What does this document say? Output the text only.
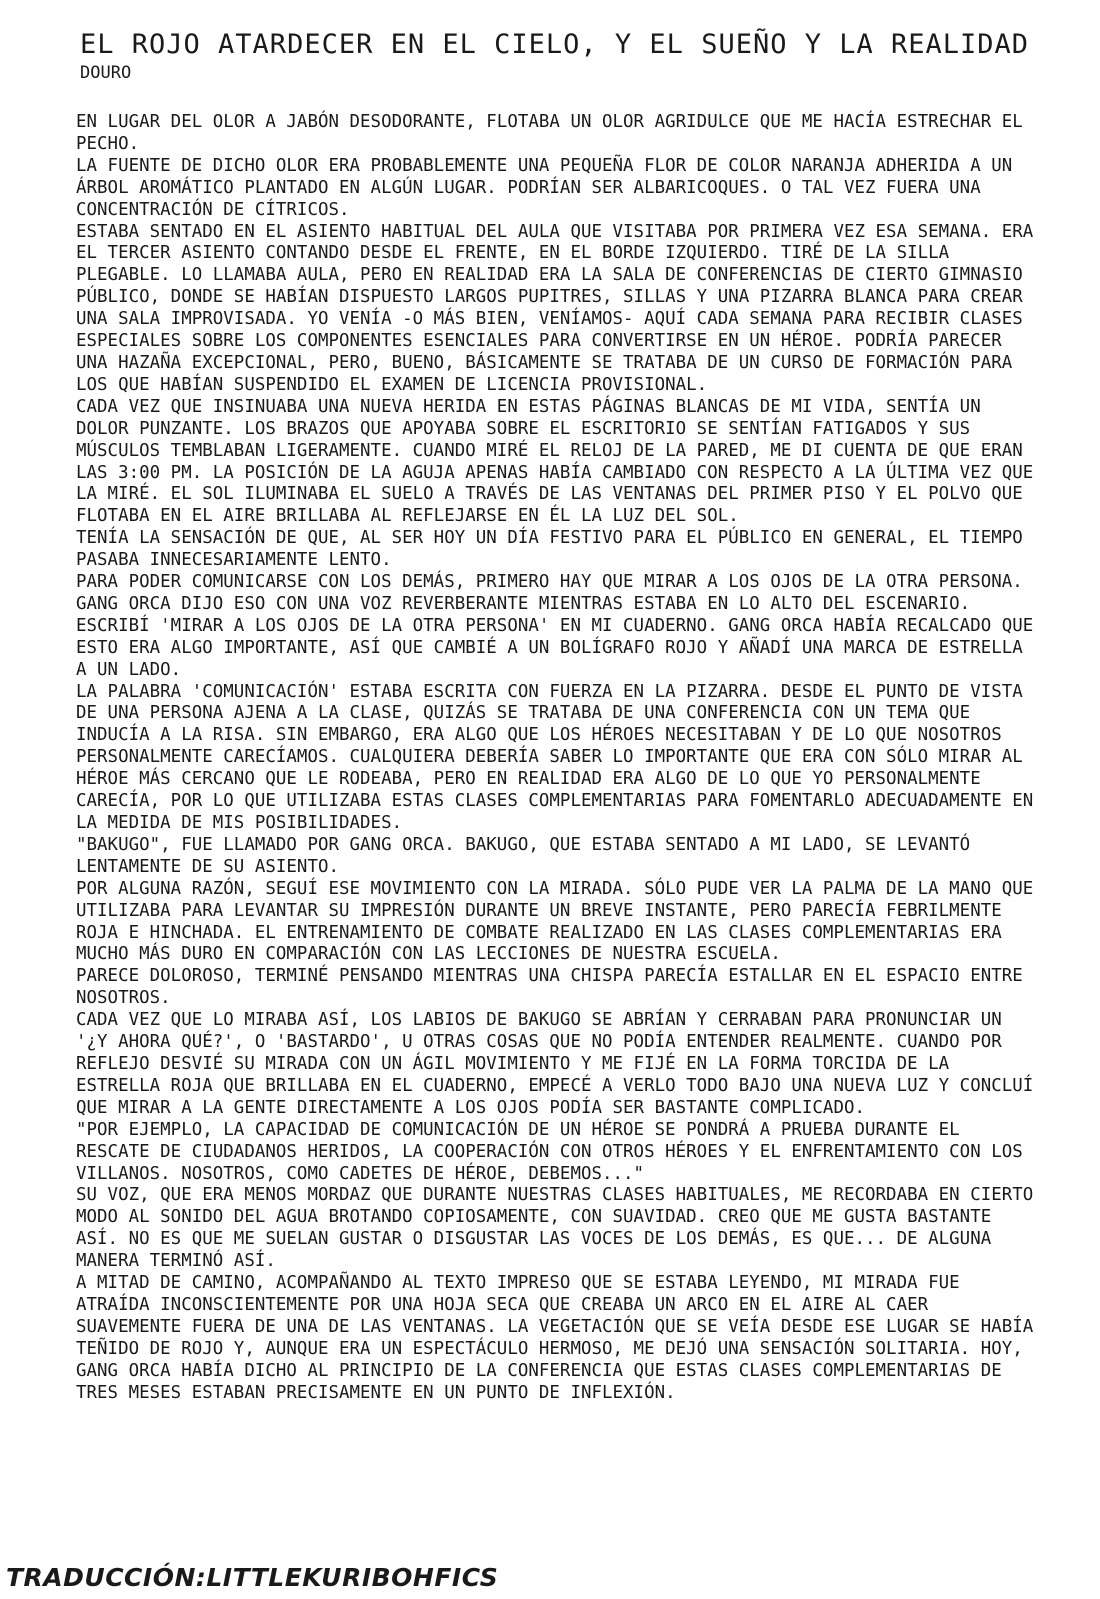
EL ROJO ATARDECER EN EL CIELO, Y EL SUEÑO Y LA REALIDAD
DOURO

EN LUGAR DEL OLOR A JABÓN DESODORANTE, FLOTABA UN OLOR AGRIDULCE QUE ME HACÍA ESTRECHAR EL PECHO.

LA FUENTE DE DICHO OLOR ERA PROBABLEMENTE UNA PEQUEÑA FLOR DE COLOR NARANJA ADHERIDA A UN ÁRBOL AROMÁTICO PLANTADO EN ALGÚN LUGAR. PODRÍAN SER ALBARICOQUES. O TAL VEZ FUERA UNA CONCENTRACIÓN DE CÍTRICOS.

ESTABA SENTADO EN EL ASIENTO HABITUAL DEL AULA QUE VISITABA POR PRIMERA VEZ ESA SEMANA. ERA EL TERCER ASIENTO CONTANDO DESDE EL FRENTE, EN EL BORDE IZQUIERDO. TIRÉ DE LA SILLA PLEGABLE. LO LLAMABA AULA, PERO EN REALIDAD ERA LA SALA DE CONFERENCIAS DE CIERTO GIMNASIO PÚBLICO, DONDE SE HABÍAN DISPUESTO LARGOS PUPITRES, SILLAS Y UNA PIZARRA BLANCA PARA CREAR UNA SALA IMPROVISADA. YO VENÍA -O MÁS BIEN, VENÍAMOS- AQUÍ CADA SEMANA PARA RECIBIR CLASES ESPECIALES SOBRE LOS COMPONENTES ESENCIALES PARA CONVERTIRSE EN UN HÉROE. PODRÍA PARECER UNA HAZAÑA EXCEPCIONAL, PERO, BUENO, BÁSICAMENTE SE TRATABA DE UN CURSO DE FORMACIÓN PARA LOS QUE HABÍAN SUSPENDIDO EL EXAMEN DE LICENCIA PROVISIONAL.

CADA VEZ QUE INSINUABA UNA NUEVA HERIDA EN ESTAS PÁGINAS BLANCAS DE MI VIDA, SENTÍA UN DOLOR PUNZANTE. LOS BRAZOS QUE APOYABA SOBRE EL ESCRITORIO SE SENTÍAN FATIGADOS Y SUS MÚSCULOS TEMBLABAN LIGERAMENTE. CUANDO MIRÉ EL RELOJ DE LA PARED, ME DI CUENTA DE QUE ERAN LAS 3:00 PM. LA POSICIÓN DE LA AGUJA APENAS HABÍA CAMBIADO CON RESPECTO A LA ÚLTIMA VEZ QUE LA MIRÉ. EL SOL ILUMINABA EL SUELO A TRAVÉS DE LAS VENTANAS DEL PRIMER PISO Y EL POLVO QUE FLOTABA EN EL AIRE BRILLABA AL REFLEJARSE EN ÉL LA LUZ DEL SOL.

TENÍA LA SENSACIÓN DE QUE, AL SER HOY UN DÍA FESTIVO PARA EL PÚBLICO EN GENERAL, EL TIEMPO PASABA INNECESARIAMENTE LENTO.

PARA PODER COMUNICARSE CON LOS DEMÁS, PRIMERO HAY QUE MIRAR A LOS OJOS DE LA OTRA PERSONA.

GANG ORCA DIJO ESO CON UNA VOZ REVERBERANTE MIENTRAS ESTABA EN LO ALTO DEL ESCENARIO. ESCRIBÍ 'MIRAR A LOS OJOS DE LA OTRA PERSONA' EN MI CUADERNO. GANG ORCA HABÍA RECALCADO QUE ESTO ERA ALGO IMPORTANTE, ASÍ QUE CAMBIÉ A UN BOLÍGRAFO ROJO Y AÑADÍ UNA MARCA DE ESTRELLA A UN LADO.

LA PALABRA 'COMUNICACIÓN' ESTABA ESCRITA CON FUERZA EN LA PIZARRA. DESDE EL PUNTO DE VISTA DE UNA PERSONA AJENA A LA CLASE, QUIZÁS SE TRATABA DE UNA CONFERENCIA CON UN TEMA QUE INDUCÍA A LA RISA. SIN EMBARGO, ERA ALGO QUE LOS HÉROES NECESITABAN Y DE LO QUE NOSOTROS PERSONALMENTE CARECÍAMOS. CUALQUIERA DEBERÍA SABER LO IMPORTANTE QUE ERA CON SÓLO MIRAR AL HÉROE MÁS CERCANO QUE LE RODEABA, PERO EN REALIDAD ERA ALGO DE LO QUE YO PERSONALMENTE CARECÍA, POR LO QUE UTILIZABA ESTAS CLASES COMPLEMENTARIAS PARA FOMENTARLO ADECUADAMENTE EN LA MEDIDA DE MIS POSIBILIDADES.

"BAKUGO", FUE LLAMADO POR GANG ORCA. BAKUGO, QUE ESTABA SENTADO A MI LADO, SE LEVANTÓ LENTAMENTE DE SU ASIENTO.

POR ALGUNA RAZÓN, SEGUÍ ESE MOVIMIENTO CON LA MIRADA. SÓLO PUDE VER LA PALMA DE LA MANO QUE UTILIZABA PARA LEVANTAR SU IMPRESIÓN DURANTE UN BREVE INSTANTE, PERO PARECÍA FEBRILMENTE ROJA E HINCHADA. EL ENTRENAMIENTO DE COMBATE REALIZADO EN LAS CLASES COMPLEMENTARIAS ERA MUCHO MÁS DURO EN COMPARACIÓN CON LAS LECCIONES DE NUESTRA ESCUELA.

PARECE DOLOROSO, TERMINÉ PENSANDO MIENTRAS UNA CHISPA PARECÍA ESTALLAR EN EL ESPACIO ENTRE NOSOTROS.

CADA VEZ QUE LO MIRABA ASÍ, LOS LABIOS DE BAKUGO SE ABRÍAN Y CERRABAN PARA PRONUNCIAR UN '¿Y AHORA QUÉ?', O 'BASTARDO', U OTRAS COSAS QUE NO PODÍA ENTENDER REALMENTE. CUANDO POR REFLEJO DESVIÉ SU MIRADA CON UN ÁGIL MOVIMIENTO Y ME FIJÉ EN LA FORMA TORCIDA DE LA ESTRELLA ROJA QUE BRILLABA EN EL CUADERNO, EMPECÉ A VERLO TODO BAJO UNA NUEVA LUZ Y CONCLUÍ QUE MIRAR A LA GENTE DIRECTAMENTE A LOS OJOS PODÍA SER BASTANTE COMPLICADO.

"POR EJEMPLO, LA CAPACIDAD DE COMUNICACIÓN DE UN HÉROE SE PONDRÁ A PRUEBA DURANTE EL RESCATE DE CIUDADANOS HERIDOS, LA COOPERACIÓN CON OTROS HÉROES Y EL ENFRENTAMIENTO CON LOS VILLANOS. NOSOTROS, COMO CADETES DE HÉROE, DEBEMOS..."

SU VOZ, QUE ERA MENOS MORDAZ QUE DURANTE NUESTRAS CLASES HABITUALES, ME RECORDABA EN CIERTO MODO AL SONIDO DEL AGUA BROTANDO COPIOSAMENTE, CON SUAVIDAD. CREO QUE ME GUSTA BASTANTE ASÍ. NO ES QUE ME SUELAN GUSTAR O DISGUSTAR LAS VOCES DE LOS DEMÁS, ES QUE... DE ALGUNA MANERA TERMINÓ ASÍ.

A MITAD DE CAMINO, ACOMPAÑANDO AL TEXTO IMPRESO QUE SE ESTABA LEYENDO, MI MIRADA FUE ATRAÍDA INCONSCIENTEMENTE POR UNA HOJA SECA QUE CREABA UN ARCO EN EL AIRE AL CAER SUAVEMENTE FUERA DE UNA DE LAS VENTANAS. LA VEGETACIÓN QUE SE VEÍA DESDE ESE LUGAR SE HABÍA TEÑIDO DE ROJO Y, AUNQUE ERA UN ESPECTÁCULO HERMOSO, ME DEJÓ UNA SENSACIÓN SOLITARIA. HOY, GANG ORCA HABÍA DICHO AL PRINCIPIO DE LA CONFERENCIA QUE ESTAS CLASES COMPLEMENTARIAS DE TRES MESES ESTABAN PRECISAMENTE EN UN PUNTO DE INFLEXIÓN.

TRADUCCIÓN:LITTLEKURIBOHFICS
